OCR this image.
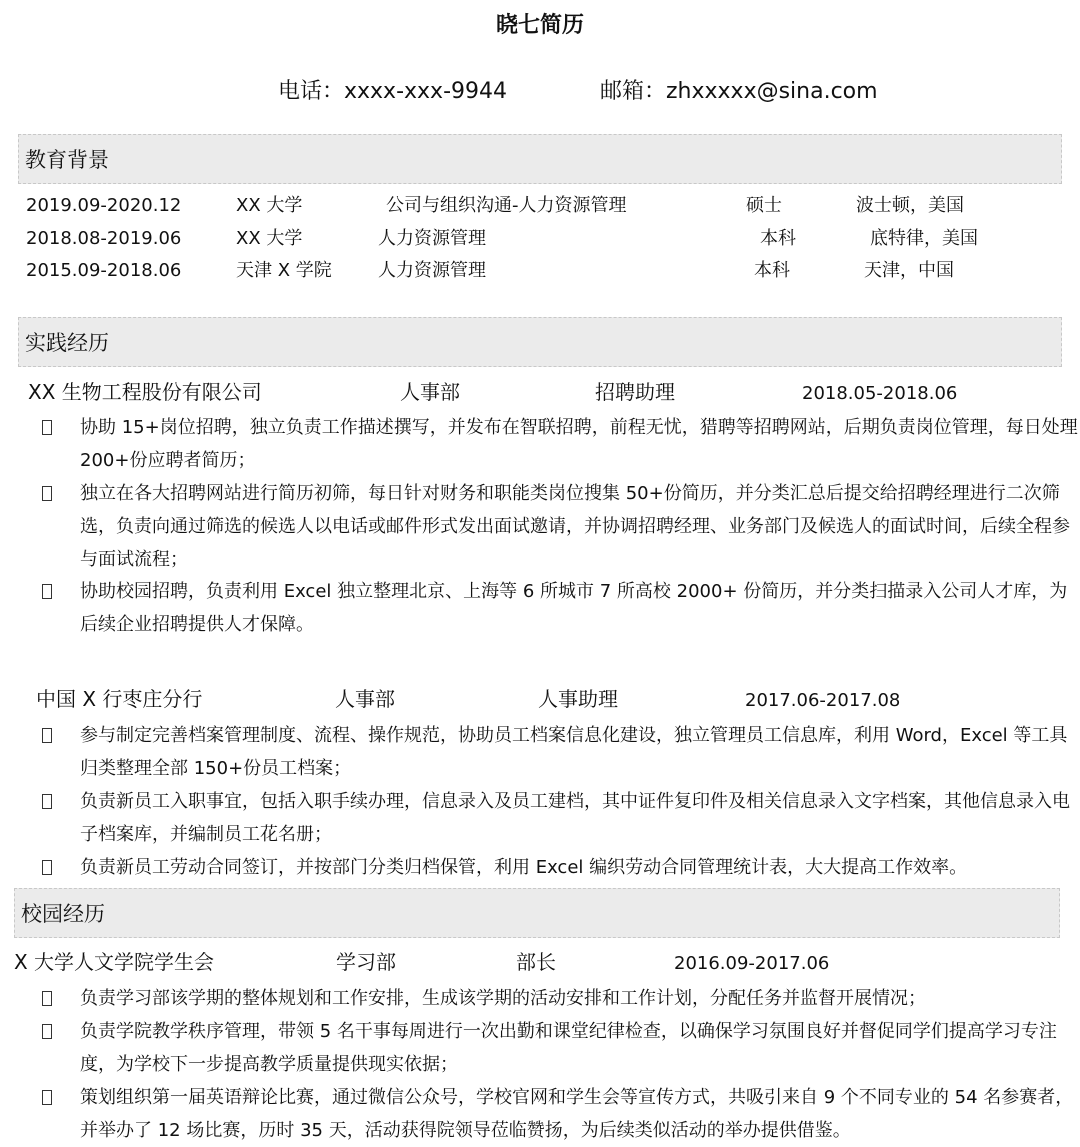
晓七简历
电话：xxxx-xxx-9944	邮箱：zhxxxxx@sina.com
教育背景
2019.09-2020.12	XX 大学	公司与组织沟通-人力资源管理	硕士	波士顿，美国
2018.08-2019.06	XX 大学	人力资源管理	本科	底特律，美国
2015.09-2018.06	天津 X 学院	人力资源管理	本科	天津，中国
实践经历
XX 生物工程股份有限公司	人事部	招聘助理	2018.05-2018.06
协助 15+岗位招聘，独立负责工作描述撰写，并发布在智联招聘，前程无忧，猎聘等招聘网站，后期负责岗位管理，每日处理 200+份应聘者简历；
独立在各大招聘网站进行简历初筛，每日针对财务和职能类岗位搜集 50+份简历，并分类汇总后提交给招聘经理进行二次筛选，负责向通过筛选的候选人以电话或邮件形式发出面试邀请，并协调招聘经理、业务部门及候选人的面试时间，后续全程参与面试流程；
协助校园招聘，负责利用 Excel 独立整理北京、上海等 6 所城市 7 所高校 2000+ 份简历，并分类扫描录入公司人才库，为后续企业招聘提供人才保障。
中国 X 行枣庄分行	人事部	人事助理	2017.06-2017.08
参与制定完善档案管理制度、流程、操作规范，协助员工档案信息化建设，独立管理员工信息库，利用 Word，Excel 等工具归类整理全部 150+份员工档案；
负责新员工入职事宜，包括入职手续办理，信息录入及员工建档，其中证件复印件及相关信息录入文字档案，其他信息录入电子档案库，并编制员工花名册；
负责新员工劳动合同签订，并按部门分类归档保管，利用 Excel 编织劳动合同管理统计表，大大提高工作效率。
校园经历
X 大学人文学院学生会	学习部	部长	2016.09-2017.06
负责学习部该学期的整体规划和工作安排，生成该学期的活动安排和工作计划，分配任务并监督开展情况；
负责学院教学秩序管理，带领 5 名干事每周进行一次出勤和课堂纪律检查，以确保学习氛围良好并督促同学们提高学习专注度，为学校下一步提高教学质量提供现实依据；
策划组织第一届英语辩论比赛，通过微信公众号，学校官网和学生会等宣传方式，共吸引来自 9 个不同专业的 54 名参赛者，并举办了 12 场比赛，历时 35 天，活动获得院领导莅临赞扬，为后续类似活动的举办提供借鉴。
